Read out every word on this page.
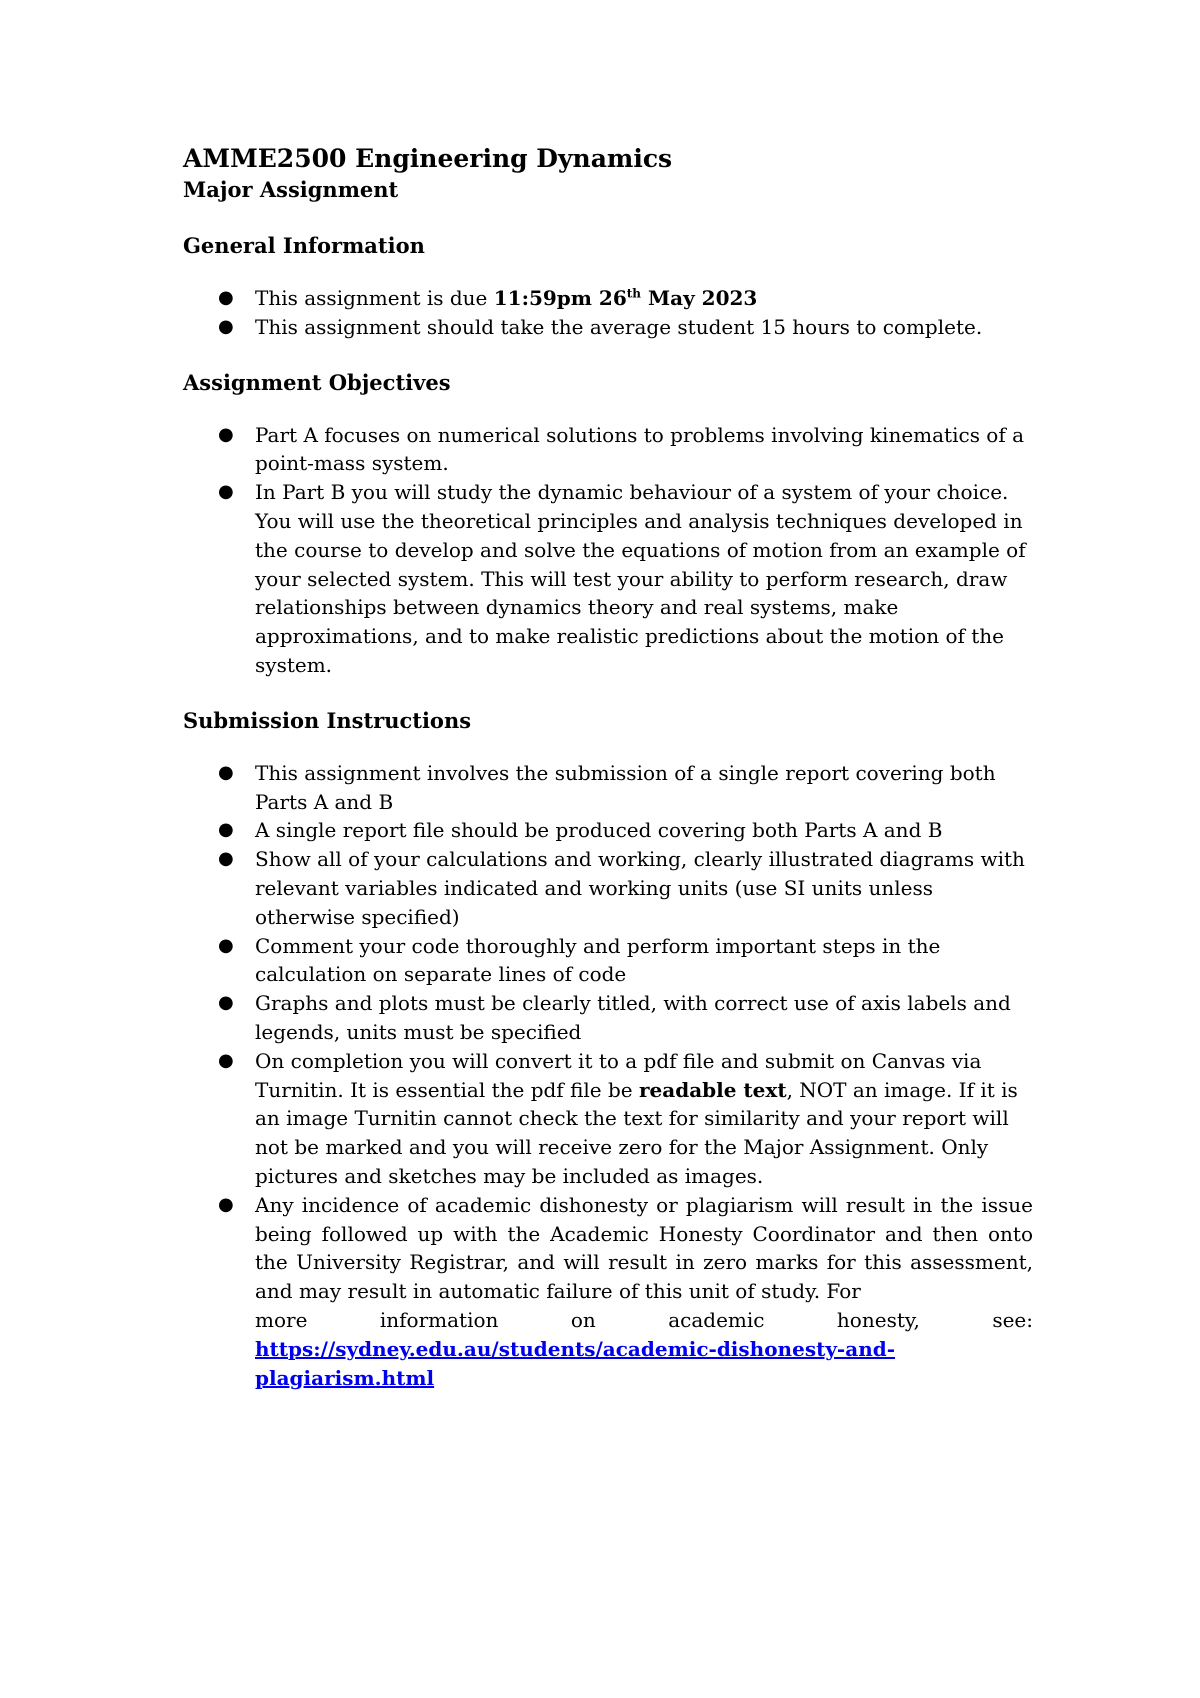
AMME2500 Engineering Dynamics

Major Assignment

General Information

● This assignment is due 11:59pm 26th May 2023
● This assignment should take the average student 15 hours to complete.

Assignment Objectives

● Part A focuses on numerical solutions to problems involving kinematics of a point-mass system.
● In Part B you will study the dynamic behaviour of a system of your choice. You will use the theoretical principles and analysis techniques developed in the course to develop and solve the equations of motion from an example of your selected system. This will test your ability to perform research, draw relationships between dynamics theory and real systems, make approximations, and to make realistic predictions about the motion of the system.

Submission Instructions

● This assignment involves the submission of a single report covering both Parts A and B
● A single report file should be produced covering both Parts A and B
● Show all of your calculations and working, clearly illustrated diagrams with relevant variables indicated and working units (use SI units unless otherwise specified)
● Comment your code thoroughly and perform important steps in the calculation on separate lines of code
● Graphs and plots must be clearly titled, with correct use of axis labels and legends, units must be specified
● On completion you will convert it to a pdf file and submit on Canvas via Turnitin. It is essential the pdf file be readable text, NOT an image. If it is an image Turnitin cannot check the text for similarity and your report will not be marked and you will receive zero for the Major Assignment. Only pictures and sketches may be included as images.
● Any incidence of academic dishonesty or plagiarism will result in the issue being followed up with the Academic Honesty Coordinator and then onto the University Registrar, and will result in zero marks for this assessment, and may result in automatic failure of this unit of study. For
more information on academic honesty, see:
https://sydney.edu.au/students/academic-dishonesty-and-plagiarism.html
